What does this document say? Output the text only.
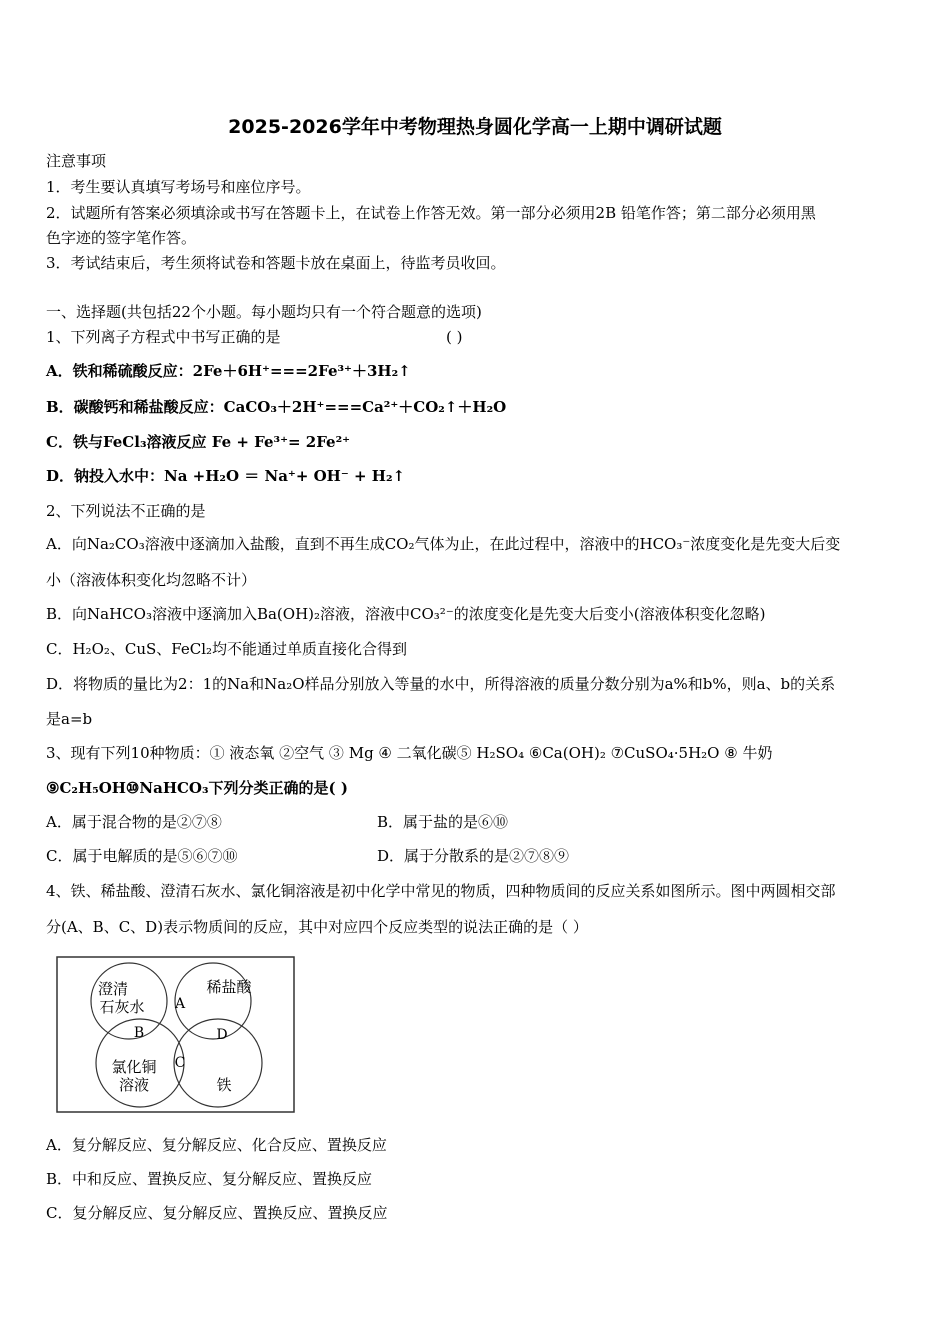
2025-2026学年中考物理热身圆化学高一上期中调研试题
注意事项
1．考生要认真填写考场号和座位序号。
2．试题所有答案必须填涂或书写在答题卡上，在试卷上作答无效。第一部分必须用2B 铅笔作答；第二部分必须用黑
色字迹的签字笔作答。
3．考试结束后，考生须将试卷和答题卡放在桌面上，待监考员收回。
一、选择题(共包括22个小题。每小题均只有一个符合题意的选项)
1、下列离子方程式中书写正确的是	( )
A．铁和稀硫酸反应：2Fe＋6H⁺===2Fe³⁺＋3H₂↑
B．碳酸钙和稀盐酸反应：CaCO₃＋2H⁺===Ca²⁺＋CO₂↑＋H₂O
C．铁与FeCl₃溶液反应 Fe + Fe³⁺= 2Fe²⁺
D．钠投入水中：Na +H₂O ＝ Na⁺+ OH⁻ + H₂↑
2、下列说法不正确的是
A．向Na₂CO₃溶液中逐滴加入盐酸，直到不再生成CO₂气体为止，在此过程中，溶液中的HCO₃⁻浓度变化是先变大后变
小（溶液体积变化均忽略不计）
B．向NaHCO₃溶液中逐滴加入Ba(OH)₂溶液，溶液中CO₃²⁻的浓度变化是先变大后变小(溶液体积变化忽略)
C．H₂O₂、CuS、FeCl₂均不能通过单质直接化合得到
D．将物质的量比为2：1的Na和Na₂O样品分别放入等量的水中，所得溶液的质量分数分别为a%和b%，则a、b的关系
是a=b
3、现有下列10种物质：① 液态氧 ②空气 ③ Mg ④ 二氧化碳⑤ H₂SO₄ ⑥Ca(OH)₂ ⑦CuSO₄·5H₂O ⑧ 牛奶
⑨C₂H₅OH⑩NaHCO₃下列分类正确的是( )
A．属于混合物的是②⑦⑧	B．属于盐的是⑥⑩
C．属于电解质的是⑤⑥⑦⑩	D．属于分散系的是②⑦⑧⑨
4、铁、稀盐酸、澄清石灰水、氯化铜溶液是初中化学中常见的物质，四种物质间的反应关系如图所示。图中两圆相交部
分(A、B、C、D)表示物质间的反应，其中对应四个反应类型的说法正确的是（ ）
澄清
石灰水
稀盐酸
氯化铜
溶液	铁
A
B
C
D
A．复分解反应、复分解反应、化合反应、置换反应
B．中和反应、置换反应、复分解反应、置换反应
C．复分解反应、复分解反应、置换反应、置换反应
